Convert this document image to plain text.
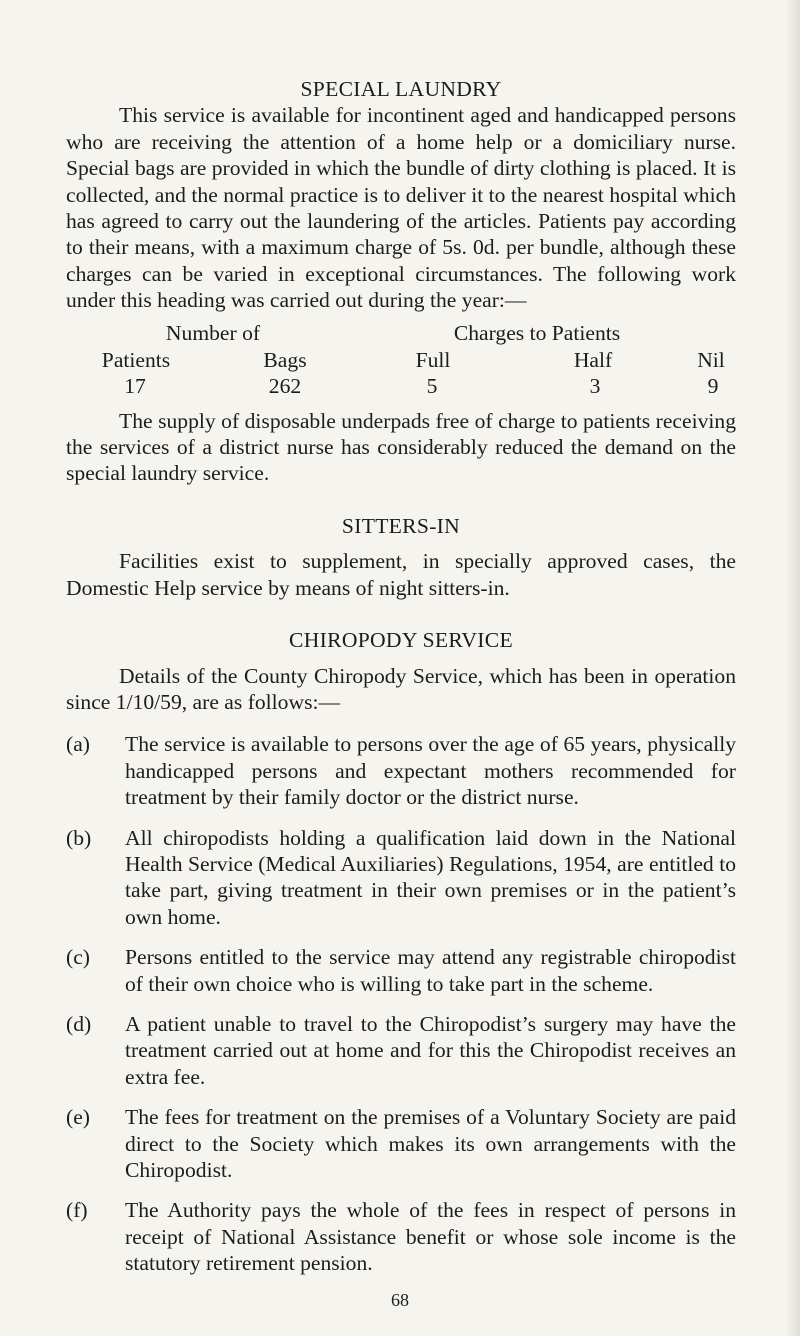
SPECIAL LAUNDRY

This service is available for incontinent aged and handicapped persons who are receiving the attention of a home help or a domiciliary nurse. Special bags are provided in which the bundle of dirty clothing is placed. It is collected, and the normal practice is to deliver it to the nearest hospital which has agreed to carry out the laundering of the articles. Patients pay according to their means, with a maximum charge of 5s. 0d. per bundle, although these charges can be varied in exceptional circumstances. The following work under this heading was carried out during the year:—

Number of	Charges to Patients
Patients	Bags	Full	Half	Nil
17	262	5	3	9

The supply of disposable underpads free of charge to patients receiving the services of a district nurse has considerably reduced the demand on the special laundry service.

SITTERS-IN

Facilities exist to supplement, in specially approved cases, the Domestic Help service by means of night sitters-in.

CHIROPODY SERVICE

Details of the County Chiropody Service, which has been in operation since 1/10/59, are as follows:—

(a)	The service is available to persons over the age of 65 years, physically handicapped persons and expectant mothers recommended for treatment by their family doctor or the district nurse.
(b)	All chiropodists holding a qualification laid down in the National Health Service (Medical Auxiliaries) Regulations, 1954, are entitled to take part, giving treatment in their own premises or in the patient’s own home.
(c)	Persons entitled to the service may attend any registrable chiropodist of their own choice who is willing to take part in the scheme.
(d)	A patient unable to travel to the Chiropodist’s surgery may have the treatment carried out at home and for this the Chiropodist receives an extra fee.
(e)	The fees for treatment on the premises of a Voluntary Society are paid direct to the Society which makes its own arrangements with the Chiropodist.
(f)	The Authority pays the whole of the fees in respect of persons in receipt of National Assistance benefit or whose sole income is the statutory retirement pension.
68
